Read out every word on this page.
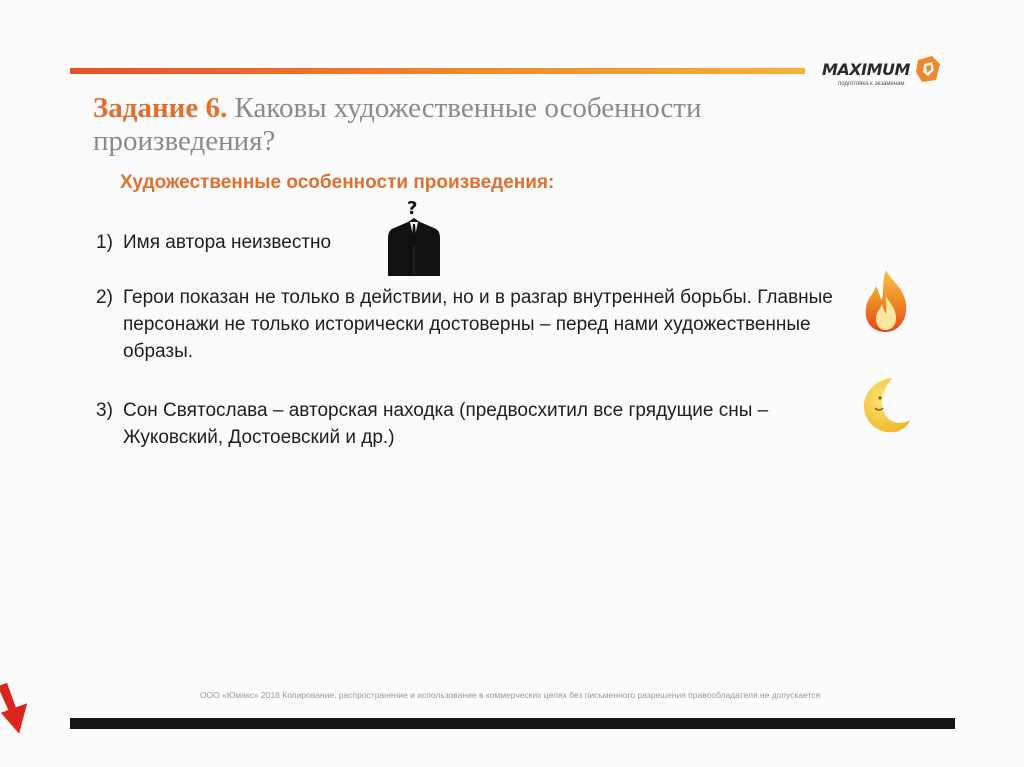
MAXIMUM
подготовка к экзаменам
Задание 6. Каковы художественные особенности произведения?
Художественные особенности произведения:
1) Имя автора неизвестно
2) Герои показан не только в действии, но и в разгар внутренней борьбы. Главные персонажи не только исторически достоверны – перед нами художественные образы.
3) Сон Святослава – авторская находка (предвосхитил все грядущие сны – Жуковский, Достоевский и др.)
?
ООО «Юмакс» 2018 Копирование, распространение и использование в коммерческих целях без письменного разрешения правообладателя не допускается
